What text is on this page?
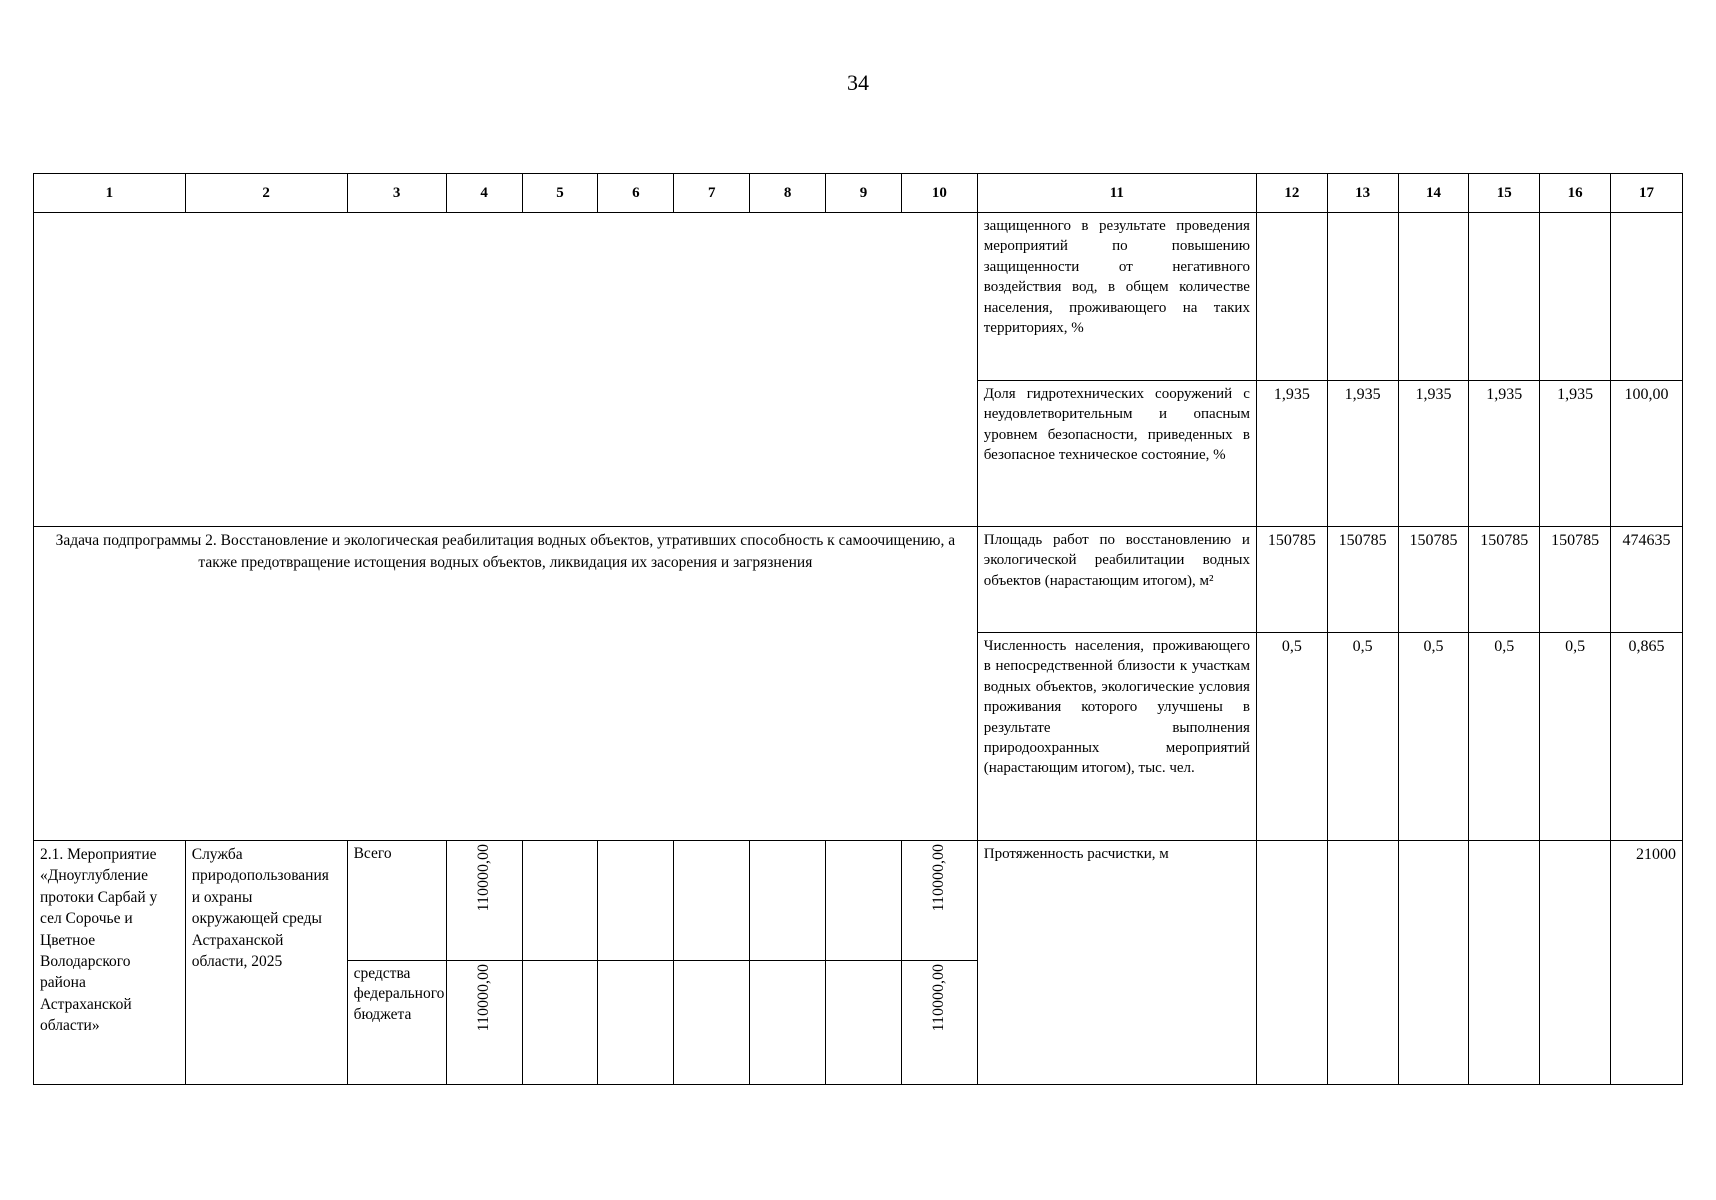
34
1	2	3	4	5	6	7	8	9	10	11	12	13	14	15	16	17
										защищенного в результате проведения мероприятий по повышению защищенности от негативного воздействия вод, в общем количестве населения, проживающего на таких территориях, %						
										Доля гидротехнических сооружений с неудовлетворительным и опасным уровнем безопасности, приведенных в безопасное техническое состояние, %	1,935	1,935	1,935	1,935	1,935	100,00
Задача подпрограммы 2. Восстановление и экологическая реабилитация водных объектов, утративших способность к самоочищению, а также предотвращение истощения водных объектов, ликвидация их засорения и загрязнения										Площадь работ по восстановлению и экологической реабилитации водных объектов (нарастающим итогом), м²	150785	150785	150785	150785	150785	474635
										Численность населения, проживающего в непосредственной близости к участкам водных объектов, экологические условия проживания которого улучшены в результате выполнения природоохранных мероприятий (нарастающим итогом), тыс. чел.	0,5	0,5	0,5	0,5	0,5	0,865
2.1. Мероприятие «Дноуглубление протоки Сарбай у сел Сорочье и Цветное Володарского района Астраханской области»	Служба природопользования и охраны окружающей среды Астраханской области, 2025	Всего	110000,00						110000,00	Протяженность расчистки, м						21000
		средства федерального бюджета	110000,00						110000,00							
